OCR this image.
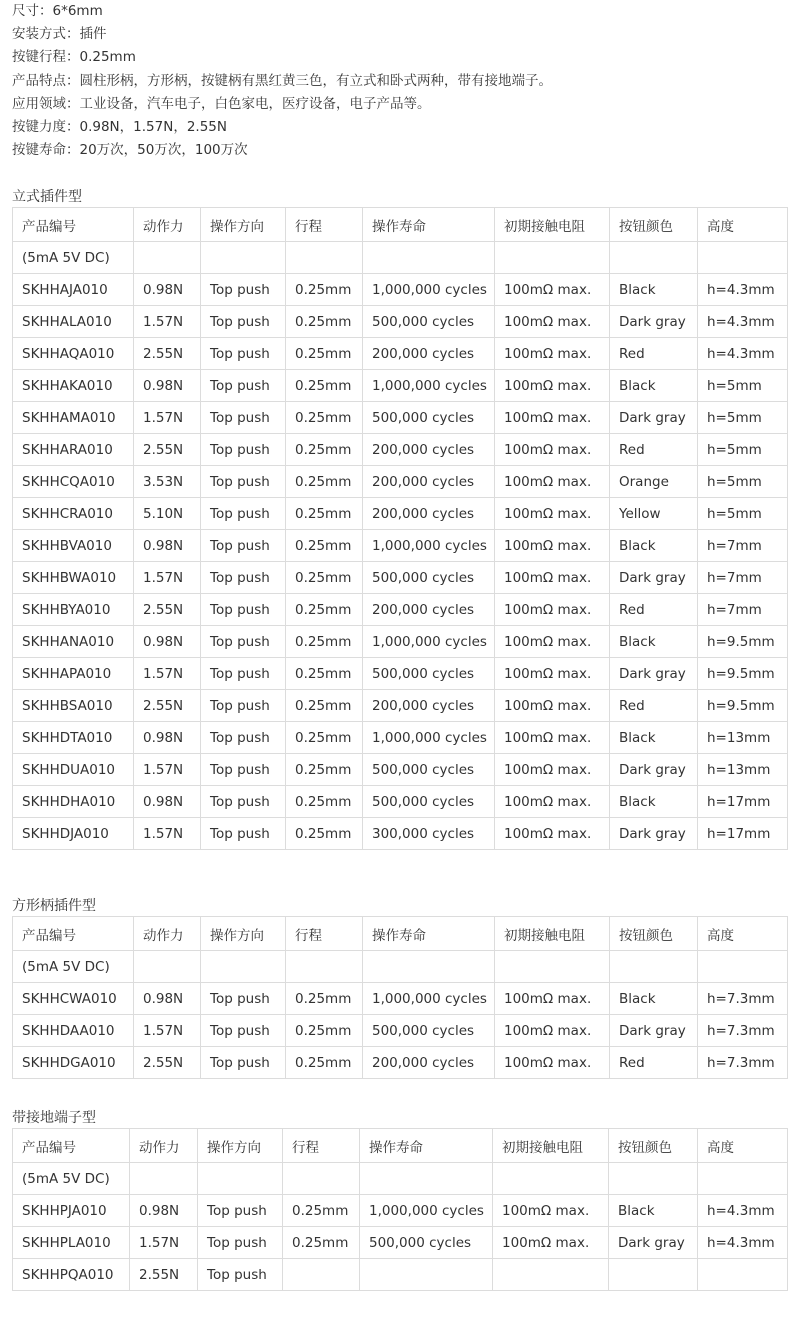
尺寸：6*6mm
安装方式：插件
按键行程：0.25mm
产品特点：圆柱形柄，方形柄，按键柄有黑红黄三色，有立式和卧式两种，带有接地端子。
应用领域：工业设备，汽车电子，白色家电，医疗设备，电子产品等。
按键力度：0.98N，1.57N，2.55N
按键寿命：20万次，50万次，100万次
立式插件型
产品编号	动作力	操作方向	行程	操作寿命	初期接触电阻	按钮颜色	高度
(5mA 5V DC)							
SKHHAJA010	0.98N	Top push	0.25mm	1,000,000 cycles	100mΩ max.	Black	h=4.3mm
SKHHALA010	1.57N	Top push	0.25mm	500,000 cycles	100mΩ max.	Dark gray	h=4.3mm
SKHHAQA010	2.55N	Top push	0.25mm	200,000 cycles	100mΩ max.	Red	h=4.3mm
SKHHAKA010	0.98N	Top push	0.25mm	1,000,000 cycles	100mΩ max.	Black	h=5mm
SKHHAMA010	1.57N	Top push	0.25mm	500,000 cycles	100mΩ max.	Dark gray	h=5mm
SKHHARA010	2.55N	Top push	0.25mm	200,000 cycles	100mΩ max.	Red	h=5mm
SKHHCQA010	3.53N	Top push	0.25mm	200,000 cycles	100mΩ max.	Orange	h=5mm
SKHHCRA010	5.10N	Top push	0.25mm	200,000 cycles	100mΩ max.	Yellow	h=5mm
SKHHBVA010	0.98N	Top push	0.25mm	1,000,000 cycles	100mΩ max.	Black	h=7mm
SKHHBWA010	1.57N	Top push	0.25mm	500,000 cycles	100mΩ max.	Dark gray	h=7mm
SKHHBYA010	2.55N	Top push	0.25mm	200,000 cycles	100mΩ max.	Red	h=7mm
SKHHANA010	0.98N	Top push	0.25mm	1,000,000 cycles	100mΩ max.	Black	h=9.5mm
SKHHAPA010	1.57N	Top push	0.25mm	500,000 cycles	100mΩ max.	Dark gray	h=9.5mm
SKHHBSA010	2.55N	Top push	0.25mm	200,000 cycles	100mΩ max.	Red	h=9.5mm
SKHHDTA010	0.98N	Top push	0.25mm	1,000,000 cycles	100mΩ max.	Black	h=13mm
SKHHDUA010	1.57N	Top push	0.25mm	500,000 cycles	100mΩ max.	Dark gray	h=13mm
SKHHDHA010	0.98N	Top push	0.25mm	500,000 cycles	100mΩ max.	Black	h=17mm
SKHHDJA010	1.57N	Top push	0.25mm	300,000 cycles	100mΩ max.	Dark gray	h=17mm
方形柄插件型
产品编号	动作力	操作方向	行程	操作寿命	初期接触电阻	按钮颜色	高度
(5mA 5V DC)							
SKHHCWA010	0.98N	Top push	0.25mm	1,000,000 cycles	100mΩ max.	Black	h=7.3mm
SKHHDAA010	1.57N	Top push	0.25mm	500,000 cycles	100mΩ max.	Dark gray	h=7.3mm
SKHHDGA010	2.55N	Top push	0.25mm	200,000 cycles	100mΩ max.	Red	h=7.3mm
带接地端子型
产品编号	动作力	操作方向	行程	操作寿命	初期接触电阻	按钮颜色	高度
(5mA 5V DC)							
SKHHPJA010	0.98N	Top push	0.25mm	1,000,000 cycles	100mΩ max.	Black	h=4.3mm
SKHHPLA010	1.57N	Top push	0.25mm	500,000 cycles	100mΩ max.	Dark gray	h=4.3mm
SKHHPQA010	2.55N	Top push					
